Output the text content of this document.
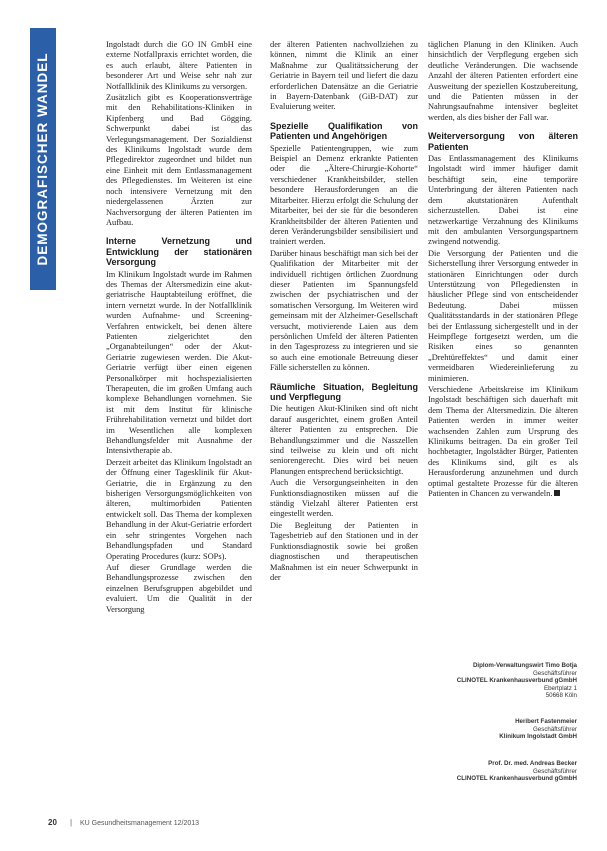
DEMOGRAFISCHER WANDEL

Ingolstadt durch die GO IN GmbH eine externe Notfallpraxis errichtet worden, die es auch erlaubt, ältere Patienten in besonderer Art und Weise sehr nah zur Notfallklinik des Klinikums zu versorgen.

Zusätzlich gibt es Kooperationsverträge mit den Rehabilitations-Kliniken in Kipfenberg und Bad Gögging. Schwerpunkt dabei ist das Verlegungsmanagement. Der Sozialdienst des Klinikums Ingolstadt wurde dem Pflegedirektor zugeordnet und bildet nun eine Einheit mit dem Entlassmanagement des Pflegedienstes. Im Weiteren ist eine noch intensivere Vernetzung mit den niedergelassenen Ärzten zur Nachversorgung der älteren Patienten im Aufbau.

Interne Vernetzung und Entwicklung der stationären Versorgung

Im Klinikum Ingolstadt wurde im Rahmen des Themas der Altersmedizin eine akut-geriatrische Hauptabteilung eröffnet, die intern vernetzt wurde. In der Notfallklinik wurden Aufnahme- und Screening-Verfahren entwickelt, bei denen ältere Patienten zielgerichtet den „Organabteilungen“ oder der Akut-Geriatrie zugewiesen werden. Die Akut-Geriatrie verfügt über einen eigenen Personalkörper mit hochspezialisierten Therapeuten, die im großen Umfang auch komplexe Behandlungen vornehmen. Sie ist mit dem Institut für klinische Frührehabilitation vernetzt und bildet dort im Wesentlichen alle komplexen Behandlungsfelder mit Ausnahme der Intensivtherapie ab.

Derzeit arbeitet das Klinikum Ingolstadt an der Öffnung einer Tagesklinik für Akut-Geriatrie, die in Ergänzung zu den bisherigen Versorgungsmöglichkeiten von älteren, multimorbiden Patienten entwickelt soll. Das Thema der komplexen Behandlung in der Akut-Geriatrie erfordert ein sehr stringentes Vorgehen nach Behandlungspfaden und Standard Operating Procedures (kurz: SOPs).

Auf dieser Grundlage werden die Behandlungsprozesse zwischen den einzelnen Berufsgruppen abgebildet und evaluiert. Um die Qualität in der Versorgung

der älteren Patienten nachvollziehen zu können, nimmt die Klinik an einer Maßnahme zur Qualitätssicherung der Geriatrie in Bayern teil und liefert die dazu erforderlichen Datensätze an die Geriatrie in Bayern-Datenbank (GiB-DAT) zur Evaluierung weiter.

Spezielle Qualifikation von Patienten und Angehörigen

Spezielle Patientengruppen, wie zum Beispiel an Demenz erkrankte Patienten oder die „Ältere-Chirurgie-Kohorte“ verschiedener Krankheitsbilder, stellen besondere Herausforderungen an die Mitarbeiter. Hierzu erfolgt die Schulung der Mitarbeiter, bei der sie für die besonderen Krankheitsbilder der älteren Patienten und deren Veränderungsbilder sensibilisiert und trainiert werden.

Darüber hinaus beschäftigt man sich bei der Qualifikation der Mitarbeiter mit der individuell richtigen örtlichen Zuordnung dieser Patienten im Spannungsfeld zwischen der psychiatrischen und der somatischen Versorgung. Im Weiteren wird gemeinsam mit der Alzheimer-Gesellschaft versucht, motivierende Laien aus dem persönlichen Umfeld der älteren Patienten in den Tagesprozess zu integrieren und sie so auch eine emotionale Betreuung dieser Fälle sicherstellen zu können.

Räumliche Situation, Begleitung und Verpflegung

Die heutigen Akut-Kliniken sind oft nicht darauf ausgerichtet, einem großen Anteil älterer Patienten zu entsprechen. Die Behandlungszimmer und die Nasszellen sind teilweise zu klein und oft nicht seniorengerecht. Dies wird bei neuen Planungen entsprechend berücksichtigt.

Auch die Versorgungseinheiten in den Funktionsdiagnostiken müssen auf die ständig Vielzahl älterer Patienten erst eingestellt werden.

Die Begleitung der Patienten in Tagesbetrieb auf den Stationen und in der Funktionsdiagnostik sowie bei großen diagnostischen und therapeutischen Maßnahmen ist ein neuer Schwerpunkt in der

täglichen Planung in den Kliniken. Auch hinsichtlich der Verpflegung ergeben sich deutliche Veränderungen. Die wachsende Anzahl der älteren Patienten erfordert eine Ausweitung der speziellen Kostzubereitung, und die Patienten müssen in der Nahrungsaufnahme intensiver begleitet werden, als dies bisher der Fall war.

Weiterversorgung von älteren Patienten

Das Entlassmanagement des Klinikums Ingolstadt wird immer häufiger damit beschäftigt sein, eine temporäre Unterbringung der älteren Patienten nach dem akutstationären Aufenthalt sicherzustellen. Dabei ist eine netzwerkartige Verzahnung des Klinikums mit den ambulanten Versorgungspartnern zwingend notwendig.

Die Versorgung der Patienten und die Sicherstellung ihrer Versorgung entweder in stationären Einrichtungen oder durch Unterstützung von Pflegediensten in häuslicher Pflege sind von entscheidender Bedeutung. Dabei müssen Qualitätsstandards in der stationären Pflege bei der Entlassung sichergestellt und in der Heimpflege fortgesetzt werden, um die Risiken eines so genannten „Drehtüreffektes“ und damit einer vermeidbaren Wiedereinlieferung zu minimieren.

Verschiedene Arbeitskreise im Klinikum Ingolstadt beschäftigen sich dauerhaft mit dem Thema der Altersmedizin. Die älteren Patienten werden in immer weiter wachsenden Zahlen zum Ursprung des Klinikums beitragen. Da ein großer Teil hochbetagter, Ingolstädter Bürger, Patienten des Klinikums sind, gilt es als Herausforderung anzunehmen und durch optimal gestaltete Prozesse für die älteren Patienten in Chancen zu verwandeln.

Diplom-Verwaltungswirt Timo Botja
Geschäftsführer
CLINOTEL Krankenhausverbund gGmbH
Ebertplatz 1
50668 Köln
Heribert Fastenmeier
Geschäftsführer
Klinikum Ingolstadt GmbH
Prof. Dr. med. Andreas Becker
Geschäftsführer
CLINOTEL Krankenhausverbund gGmbH
20 | KU Gesundheitsmanagement 12/2013
